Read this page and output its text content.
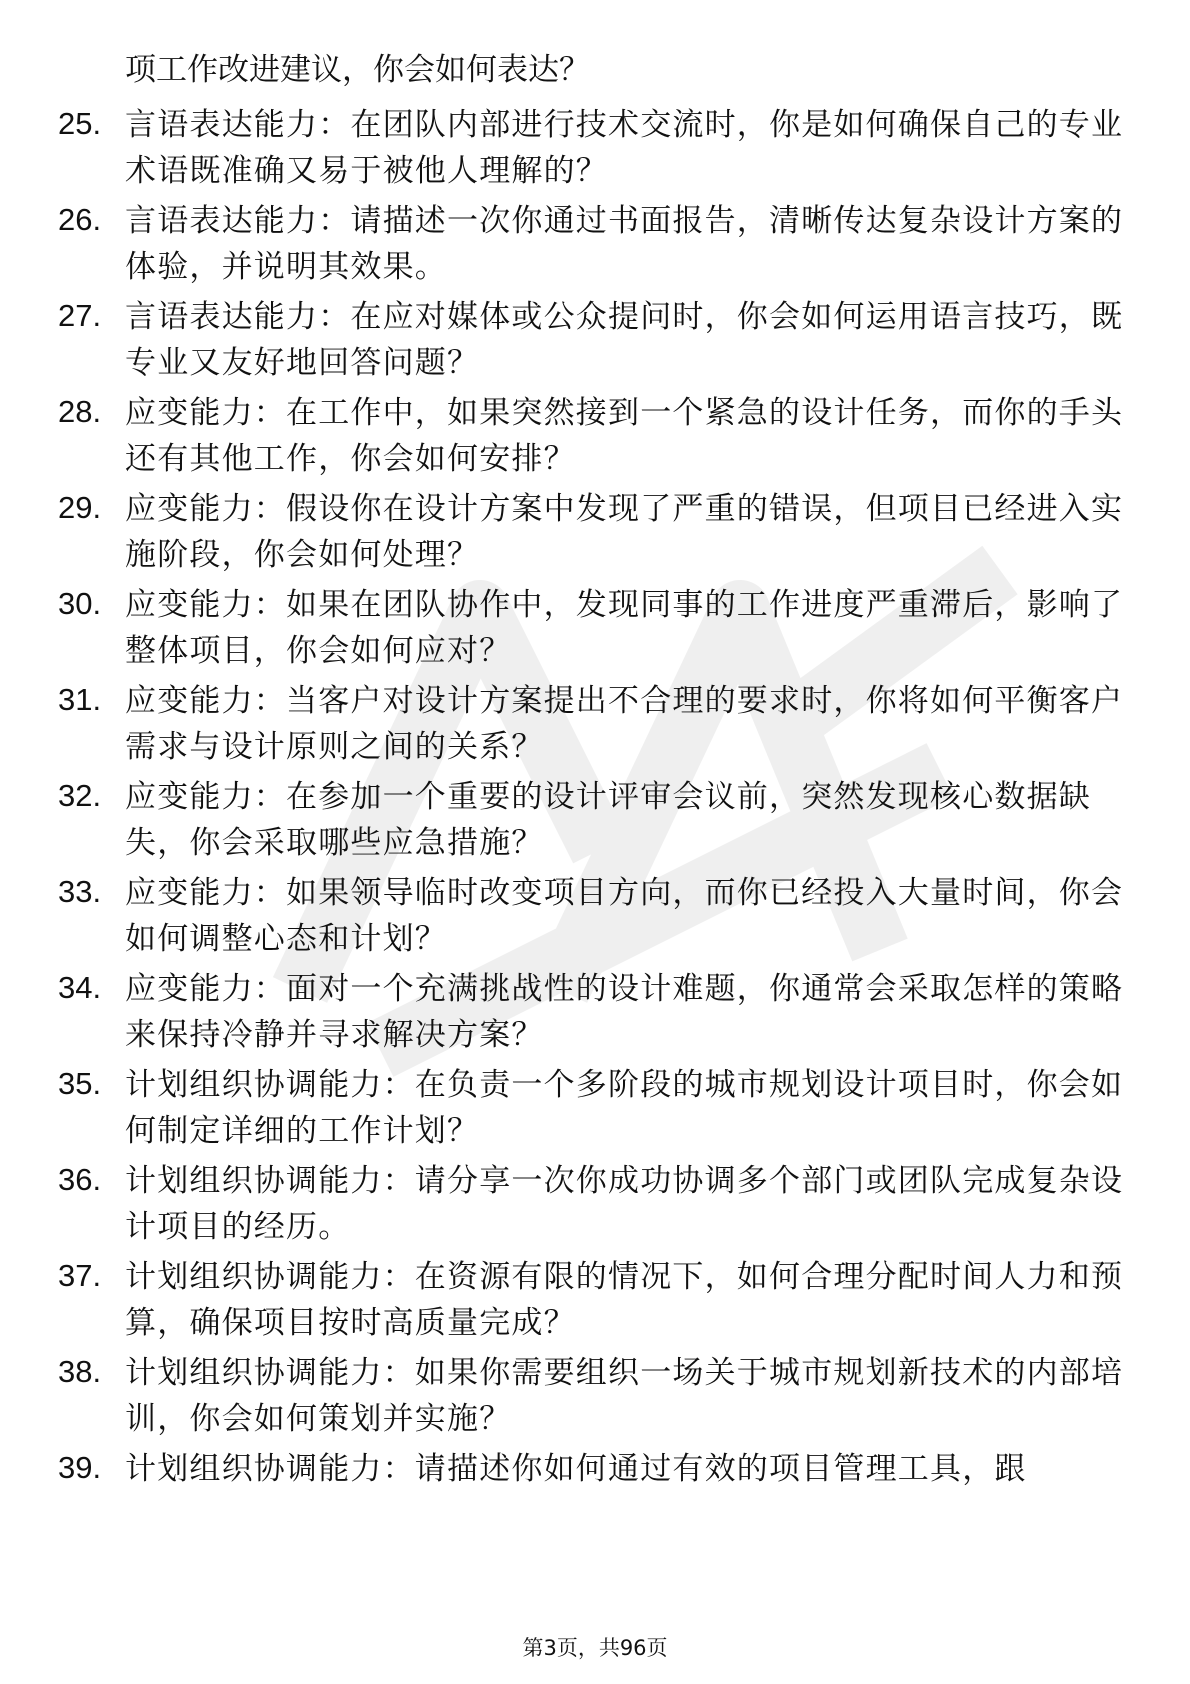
项工作改进建议，你会如何表达？

25. 言语表达能力：在团队内部进行技术交流时，你是如何确保自己的专业术语既准确又易于被他人理解的？
26. 言语表达能力：请描述一次你通过书面报告，清晰传达复杂设计方案的体验，并说明其效果。
27. 言语表达能力：在应对媒体或公众提问时，你会如何运用语言技巧，既专业又友好地回答问题？
28. 应变能力：在工作中，如果突然接到一个紧急的设计任务，而你的手头还有其他工作，你会如何安排？
29. 应变能力：假设你在设计方案中发现了严重的错误，但项目已经进入实施阶段，你会如何处理？
30. 应变能力：如果在团队协作中，发现同事的工作进度严重滞后，影响了整体项目，你会如何应对？
31. 应变能力：当客户对设计方案提出不合理的要求时，你将如何平衡客户需求与设计原则之间的关系？
32. 应变能力：在参加一个重要的设计评审会议前，突然发现核心数据缺失，你会采取哪些应急措施？
33. 应变能力：如果领导临时改变项目方向，而你已经投入大量时间，你会如何调整心态和计划？
34. 应变能力：面对一个充满挑战性的设计难题，你通常会采取怎样的策略来保持冷静并寻求解决方案？
35. 计划组织协调能力：在负责一个多阶段的城市规划设计项目时，你会如何制定详细的工作计划？
36. 计划组织协调能力：请分享一次你成功协调多个部门或团队完成复杂设计项目的经历。
37. 计划组织协调能力：在资源有限的情况下，如何合理分配时间人力和预算，确保项目按时高质量完成？
38. 计划组织协调能力：如果你需要组织一场关于城市规划新技术的内部培训，你会如何策划并实施？
39. 计划组织协调能力：请描述你如何通过有效的项目管理工具，跟
第3页，共96页
